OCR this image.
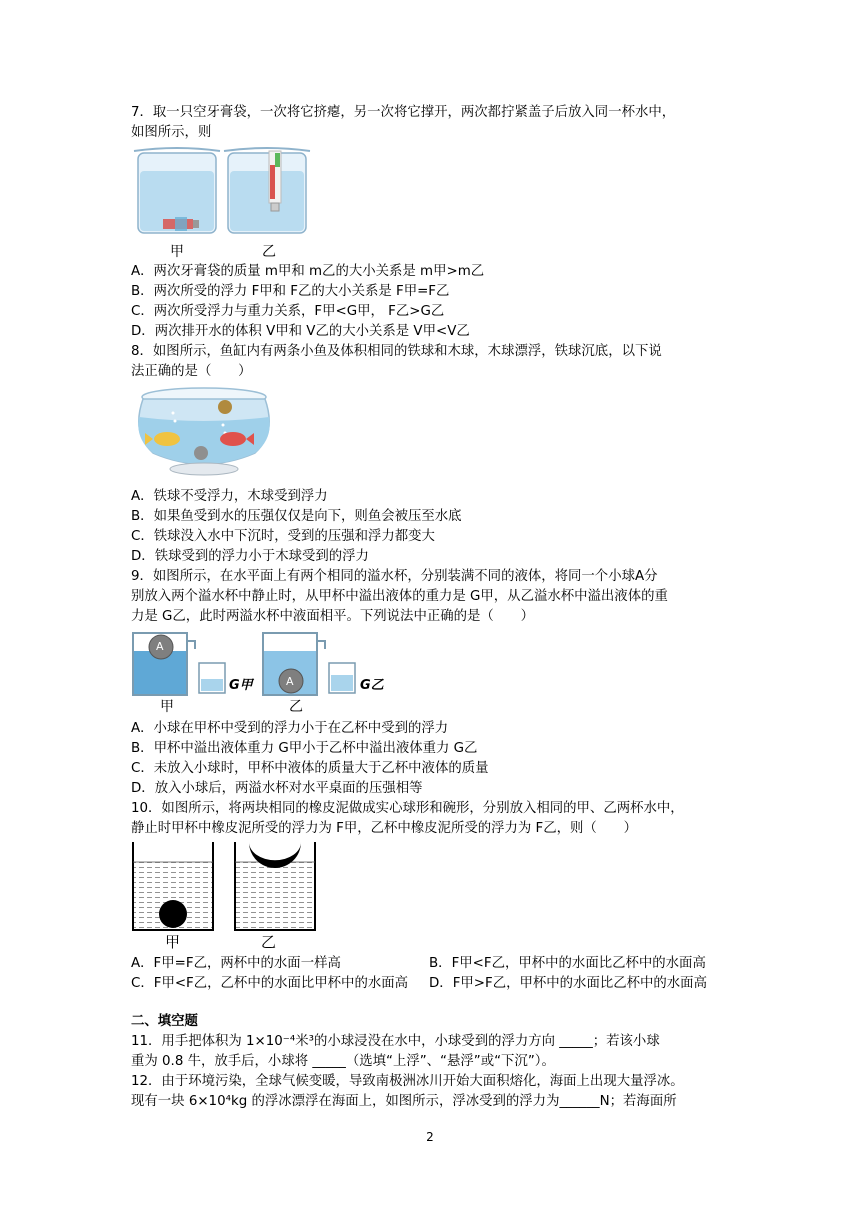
7．取一只空牙膏袋，一次将它挤瘪，另一次将它撑开，两次都拧紧盖子后放入同一杯水中，
如图所示，则
甲	乙
A．两次牙膏袋的质量 m甲和 m乙的大小关系是 m甲>m乙
B．两次所受的浮力 F甲和 F乙的大小关系是 F甲=F乙
C．两次所受浮力与重力关系，F甲<G甲， F乙>G乙
D．两次排开水的体积 V甲和 V乙的大小关系是 V甲<V乙
8．如图所示，鱼缸内有两条小鱼及体积相同的铁球和木球，木球漂浮，铁球沉底，以下说
法正确的是（　　）
A．铁球不受浮力，木球受到浮力
B．如果鱼受到水的压强仅仅是向下，则鱼会被压至水底
C．铁球没入水中下沉时，受到的压强和浮力都变大
D．铁球受到的浮力小于木球受到的浮力
9．如图所示，在水平面上有两个相同的溢水杯，分别装满不同的液体，将同一个小球A分
别放入两个溢水杯中静止时，从甲杯中溢出液体的重力是 G甲，从乙溢水杯中溢出液体的重
力是 G乙，此时两溢水杯中液面相平。下列说法中正确的是（　　）
A
A
G甲	G乙
甲	乙
A．小球在甲杯中受到的浮力小于在乙杯中受到的浮力
B．甲杯中溢出液体重力 G甲小于乙杯中溢出液体重力 G乙
C．未放入小球时，甲杯中液体的质量大于乙杯中液体的质量
D．放入小球后，两溢水杯对水平桌面的压强相等
10．如图所示，将两块相同的橡皮泥做成实心球形和碗形，分别放入相同的甲、乙两杯水中，
静止时甲杯中橡皮泥所受的浮力为 F甲，乙杯中橡皮泥所受的浮力为 F乙，则（　　）
甲	乙
A．F甲=F乙，两杯中的水面一样高	B．F甲<F乙，甲杯中的水面比乙杯中的水面高
C．F甲<F乙，乙杯中的水面比甲杯中的水面高 D．F甲>F乙，甲杯中的水面比乙杯中的水面高
二、填空题
11．用手把体积为 1×10⁻⁴米³的小球浸没在水中，小球受到的浮力方向 _____；若该小球
重为 0.8 牛，放手后，小球将 _____（选填“上浮”、“悬浮”或“下沉”）。
12．由于环境污染，全球气候变暖，导致南极洲冰川开始大面积熔化，海面上出现大量浮冰。
现有一块 6×10⁴kg 的浮冰漂浮在海面上，如图所示，浮冰受到的浮力为______N；若海面所
2
